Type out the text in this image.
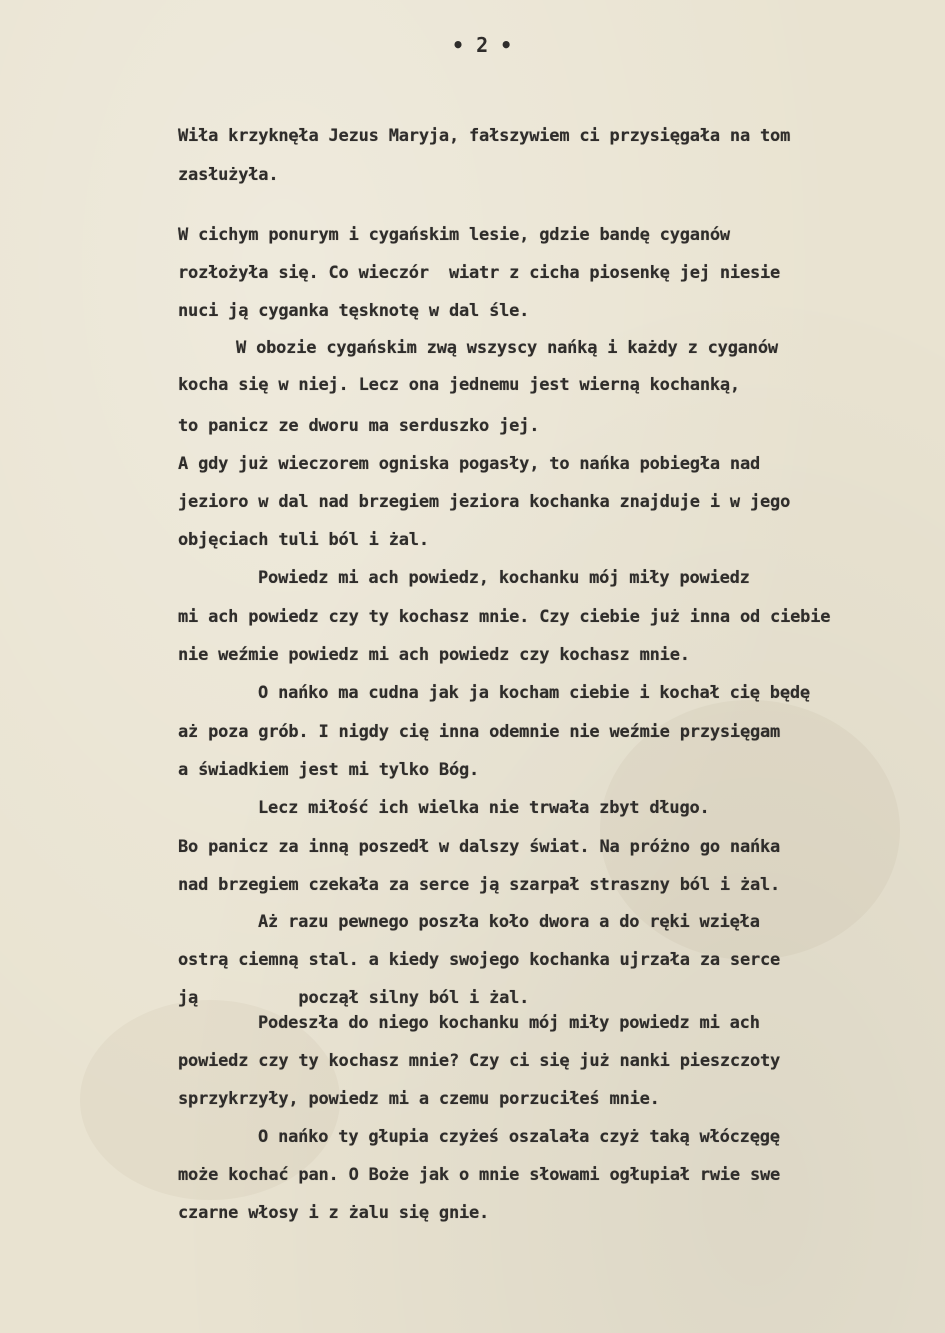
• 2 •
Wiła krzyknęła Jezus Maryja, fałszywiem ci przysięgała na tom
zasłużyła.
W cichym ponurym i cygańskim lesie, gdzie bandę cyganów
rozłożyła się. Co wieczór  wiatr z cicha piosenkę jej niesie
nuci ją cyganka tęsknotę w dal śle.
W obozie cygańskim zwą wszyscy nańką i każdy z cyganów
kocha się w niej. Lecz ona jednemu jest wierną kochanką,
to panicz ze dworu ma serduszko jej.
A gdy już wieczorem ogniska pogasły, to nańka pobiegła nad
jezioro w dal nad brzegiem jeziora kochanka znajduje i w jego
objęciach tuli ból i żal.
Powiedz mi ach powiedz, kochanku mój miły powiedz
mi ach powiedz czy ty kochasz mnie. Czy ciebie już inna od ciebie
nie weźmie powiedz mi ach powiedz czy kochasz mnie.
O nańko ma cudna jak ja kocham ciebie i kochał cię będę
aż poza grób. I nigdy cię inna odemnie nie weźmie przysięgam
a świadkiem jest mi tylko Bóg.
Lecz miłość ich wielka nie trwała zbyt długo.
Bo panicz za inną poszedł w dalszy świat. Na próżno go nańka
nad brzegiem czekała za serce ją szarpał straszny ból i żal.
Aż razu pewnego poszła koło dwora a do ręki wzięła
ostrą ciemną stal. a kiedy swojego kochanka ujrzała za serce
ją          począł silny ból i żal.
Podeszła do niego kochanku mój miły powiedz mi ach
powiedz czy ty kochasz mnie? Czy ci się już nanki pieszczoty
sprzykrzyły, powiedz mi a czemu porzuciłeś mnie.
O nańko ty głupia czyżeś oszalała czyż taką włóczęgę
może kochać pan. O Boże jak o mnie słowami ogłupiał rwie swe
czarne włosy i z żalu się gnie.
